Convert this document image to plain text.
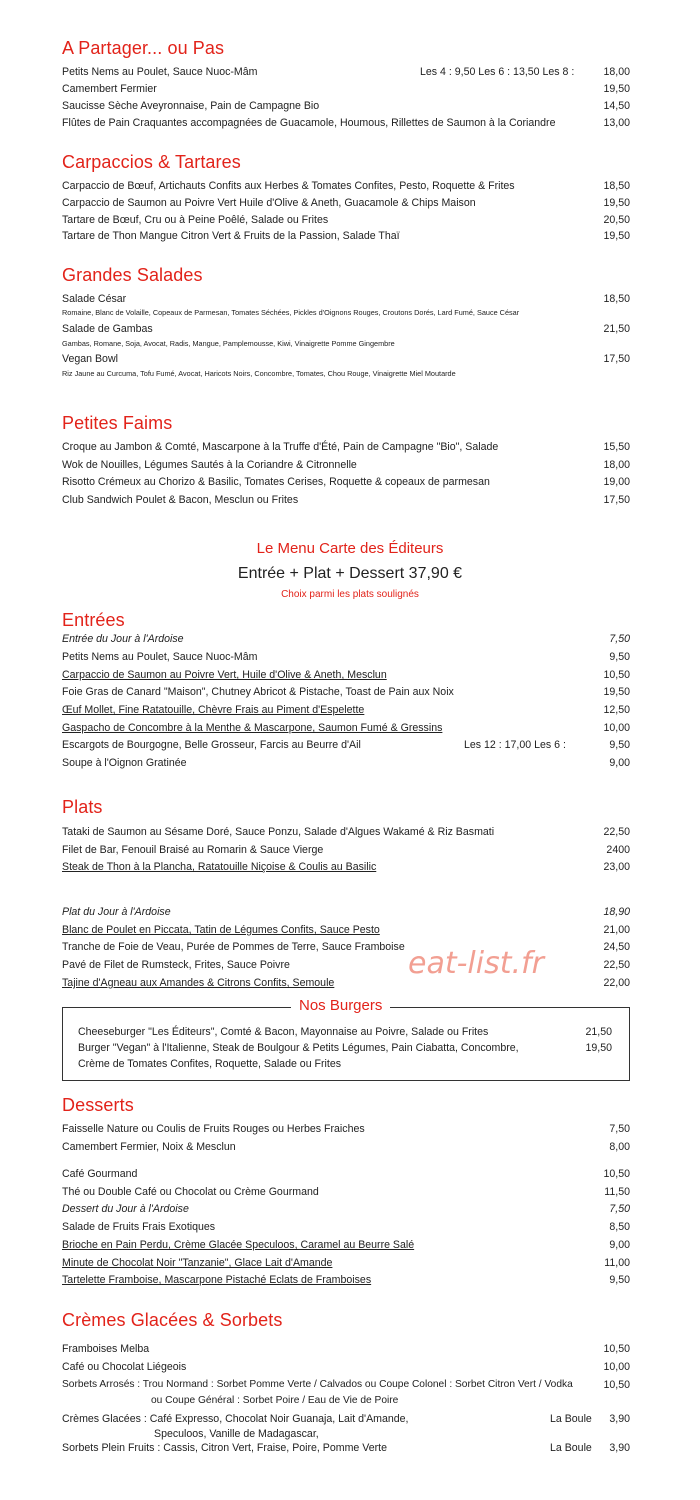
A Partager... ou Pas
Petits Nems au Poulet, Sauce Nuoc-Mâm	Les 4 : 9,50 Les 6 : 13,50 Les 8 :	18,00
Camembert Fermier	19,50
Saucisse Sèche Aveyronnaise, Pain de Campagne Bio	14,50
Flûtes de Pain Craquantes accompagnées de Guacamole, Houmous, Rillettes de Saumon à la Coriandre	13,00
Carpaccios & Tartares
Carpaccio de Bœuf, Artichauts Confits aux Herbes & Tomates Confites, Pesto, Roquette & Frites	18,50
Carpaccio de Saumon au Poivre Vert Huile d'Olive & Aneth, Guacamole & Chips Maison	19,50
Tartare de Bœuf, Cru ou à Peine Poêlé, Salade ou Frites	20,50
Tartare de Thon Mangue Citron Vert & Fruits de la Passion, Salade Thaï	19,50
Grandes Salades
Salade César	18,50
Romaine, Blanc de Volaille, Copeaux de Parmesan, Tomates Séchées, Pickles d'Oignons Rouges, Croutons Dorés, Lard Fumé, Sauce César
Salade de Gambas	21,50
Gambas, Romane, Soja, Avocat, Radis, Mangue, Pamplemousse, Kiwi, Vinaigrette Pomme Gingembre
Vegan Bowl	17,50
Riz Jaune au Curcuma, Tofu Fumé, Avocat, Haricots Noirs, Concombre, Tomates, Chou Rouge, Vinaigrette Miel Moutarde
Petites Faims
Croque au Jambon & Comté, Mascarpone à la Truffe d'Été, Pain de Campagne "Bio", Salade	15,50
Wok de Nouilles, Légumes Sautés à la Coriandre & Citronnelle	18,00
Risotto Crémeux au Chorizo & Basilic, Tomates Cerises, Roquette & copeaux de parmesan	19,00
Club Sandwich Poulet & Bacon, Mesclun ou Frites	17,50
Le Menu Carte des Éditeurs
Entrée + Plat + Dessert 37,90 €
Choix parmi les plats soulignés
Entrées
Entrée du Jour à l'Ardoise	7,50
Petits Nems au Poulet, Sauce Nuoc-Mâm	9,50
Carpaccio de Saumon au Poivre Vert, Huile d'Olive & Aneth, Mesclun	10,50
Foie Gras de Canard "Maison", Chutney Abricot & Pistache, Toast de Pain aux Noix	19,50
Œuf Mollet, Fine Ratatouille, Chèvre Frais au Piment d'Espelette	12,50
Gaspacho de Concombre à la Menthe & Mascarpone, Saumon Fumé & Gressins	10,00
Escargots de Bourgogne, Belle Grosseur, Farcis au Beurre d'Ail	Les 12 : 17,00 Les 6 :	9,50
Soupe à l'Oignon Gratinée	9,00
Plats
Tataki de Saumon au Sésame Doré, Sauce Ponzu, Salade d'Algues Wakamé & Riz Basmati	22,50
Filet de Bar, Fenouil Braisé au Romarin & Sauce Vierge	2400
Steak de Thon à la Plancha, Ratatouille Niçoise & Coulis au Basilic	23,00
Plat du Jour à l'Ardoise	18,90
Blanc de Poulet en Piccata, Tatin de Légumes Confits, Sauce Pesto	21,00
Tranche de Foie de Veau, Purée de Pommes de Terre, Sauce Framboise	24,50
Pavé de Filet de Rumsteck, Frites, Sauce Poivre	22,50
Tajine d'Agneau aux Amandes & Citrons Confits, Semoule	22,00
eat-list.fr
Nos Burgers
Cheeseburger "Les Éditeurs", Comté & Bacon, Mayonnaise au Poivre, Salade ou Frites	21,50
Burger "Vegan" à l'Italienne, Steak de Boulgour & Petits Légumes, Pain Ciabatta, Concombre,	19,50
Crème de Tomates Confites, Roquette, Salade ou Frites
Desserts
Faisselle Nature ou Coulis de Fruits Rouges ou Herbes Fraiches	7,50
Camembert Fermier, Noix & Mesclun	8,00
Café Gourmand	10,50
Thé ou Double Café ou Chocolat ou Crème Gourmand	11,50
Dessert du Jour à l'Ardoise	7,50
Salade de Fruits Frais Exotiques	8,50
Brioche en Pain Perdu, Crème Glacée Speculoos, Caramel au Beurre Salé	9,00
Minute de Chocolat Noir "Tanzanie", Glace Lait d'Amande	11,00
Tartelette Framboise, Mascarpone Pistaché Eclats de Framboises	9,50
Crèmes Glacées & Sorbets
Framboises Melba	10,50
Café ou Chocolat Liégeois	10,00
Sorbets Arrosés : Trou Normand : Sorbet Pomme Verte / Calvados ou Coupe Colonel : Sorbet Citron Vert / Vodka	10,50
ou Coupe Général : Sorbet Poire / Eau de Vie de Poire
Crèmes Glacées : Café Expresso, Chocolat Noir Guanaja, Lait d'Amande,	La Boule 3,90
Speculoos, Vanille de Madagascar,
Sorbets Plein Fruits : Cassis, Citron Vert, Fraise, Poire, Pomme Verte	La Boule 3,90
